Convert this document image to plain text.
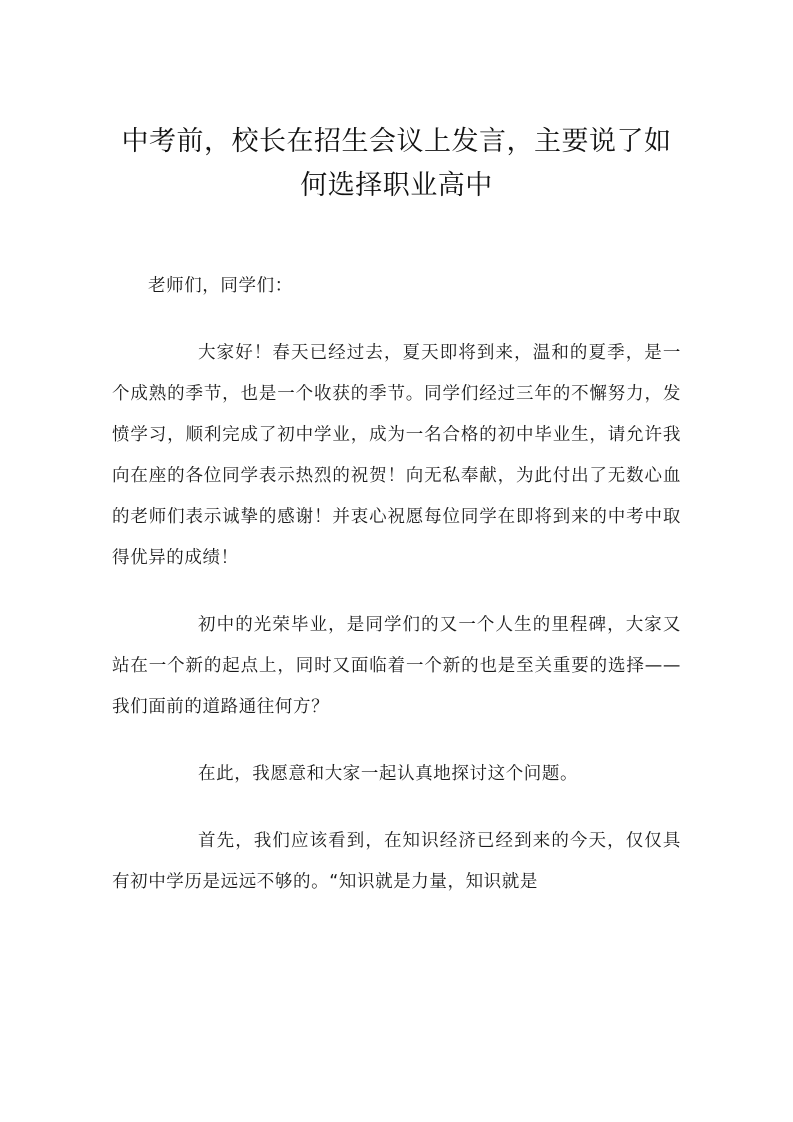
中考前，校长在招生会议上发言，主要说了如何选择职业高中

老师们，同学们：

大家好！春天已经过去，夏天即将到来，温和的夏季，是一个成熟的季节，也是一个收获的季节。同学们经过三年的不懈努力，发愤学习，顺利完成了初中学业，成为一名合格的初中毕业生，请允许我向在座的各位同学表示热烈的祝贺！向无私奉献，为此付出了无数心血的老师们表示诚挚的感谢！并衷心祝愿每位同学在即将到来的中考中取得优异的成绩！

初中的光荣毕业，是同学们的又一个人生的里程碑，大家又站在一个新的起点上，同时又面临着一个新的也是至关重要的选择——我们面前的道路通往何方？

在此，我愿意和大家一起认真地探讨这个问题。

首先，我们应该看到，在知识经济已经到来的今天，仅仅具有初中学历是远远不够的。“知识就是力量，知识就是
